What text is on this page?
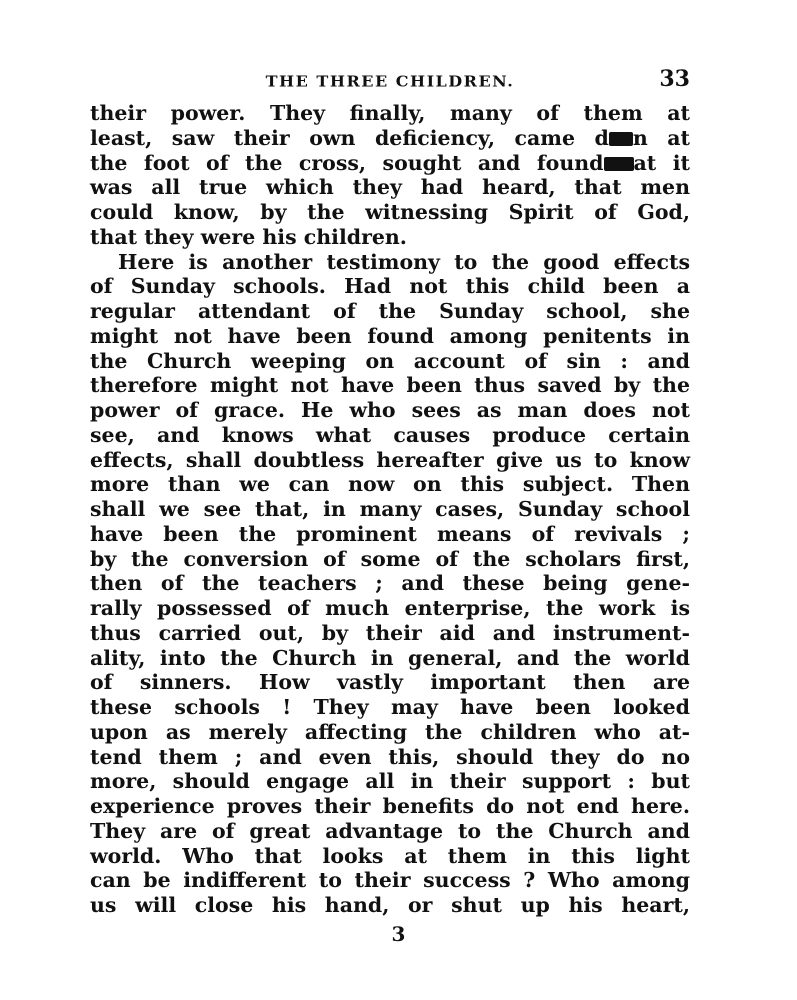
THE THREE CHILDREN.	33

their power. They finally, many of them at
least, saw their own deficiency, came d n at
the foot of the cross, sought and found at it
was all true which they had heard, that men
could know, by the witnessing Spirit of God,
that they were his children.

Here is another testimony to the good effects
of Sunday schools. Had not this child been a
regular attendant of the Sunday school, she
might not have been found among penitents in
the Church weeping on account of sin : and
therefore might not have been thus saved by the
power of grace. He who sees as man does not
see, and knows what causes produce certain
effects, shall doubtless hereafter give us to know
more than we can now on this subject. Then
shall we see that, in many cases, Sunday school
have been the prominent means of revivals ;
by the conversion of some of the scholars first,
then of the teachers ; and these being gene-
rally possessed of much enterprise, the work is
thus carried out, by their aid and instrument-
ality, into the Church in general, and the world
of sinners. How vastly important then are
these schools ! They may have been looked
upon as merely affecting the children who at-
tend them ; and even this, should they do no
more, should engage all in their support : but
experience proves their benefits do not end here.
They are of great advantage to the Church and
world. Who that looks at them in this light
can be indifferent to their success ? Who among
us will close his hand, or shut up his heart,

3
